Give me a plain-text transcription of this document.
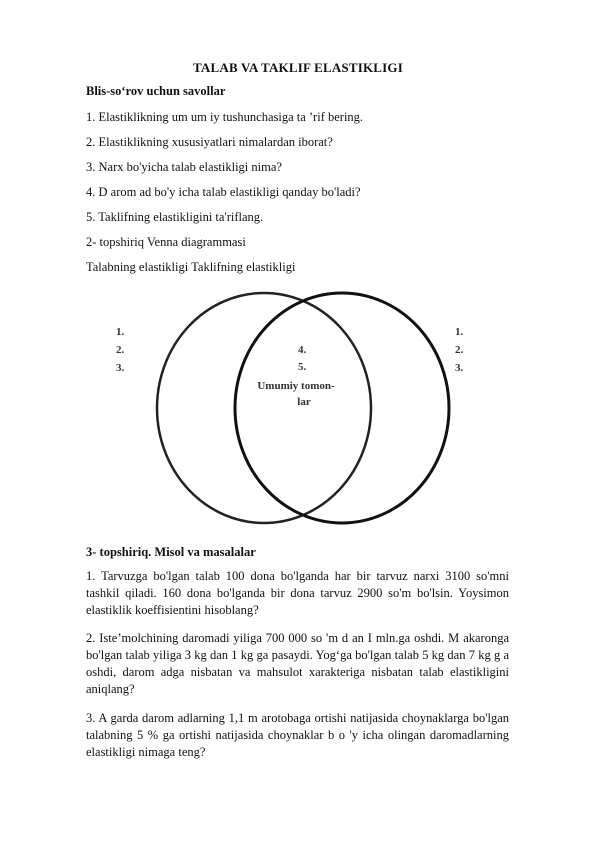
TALAB VA TAKLIF ELASTIKLIGI
Blis-so‘rov uchun savollar
1. Elastiklikning um um iy tushunchasiga ta ’rif bering.
2. Elastiklikning xususiyatlari nimalardan iborat?
3. Narx bo'yicha talab elastikligi nima?
4. D arom ad bo'y icha talab elastikligi qanday bo'ladi?
5. Taklifning elastikligini ta'riflang.
2- topshiriq Venna diagrammasi
Talabning elastikligi Taklifning elastikligi
1.
2.
3.
4.
5.
Umumiy tomon-
lar
1.
2.
3.
3- topshiriq. Misol va masalalar
1. Tarvuzga bo'lgan talab 100 dona bo'lganda har bir tarvuz narxi 3100 so'mni tashkil qiladi. 160 dona bo'lganda bir dona tarvuz 2900 so'm bo'lsin. Yoysimon elastiklik koeffisientini hisoblang?
2. Iste’molchining daromadi yiliga 700 000 so 'm d an I mln.ga oshdi. M akaronga bo'lgan talab yiliga 3 kg dan 1 kg ga pasaydi. Yog‘ga bo'lgan talab 5 kg dan 7 kg g a oshdi, darom adga nisbatan va mahsulot xarakteriga nisbatan talab elastikligini aniqlang?
3. A garda darom adlarning 1,1 m arotobaga ortishi natijasida choynaklarga bo'lgan talabning 5 % ga ortishi natijasida choynaklar b o 'y icha olingan daromadlarning elastikligi nimaga teng?
